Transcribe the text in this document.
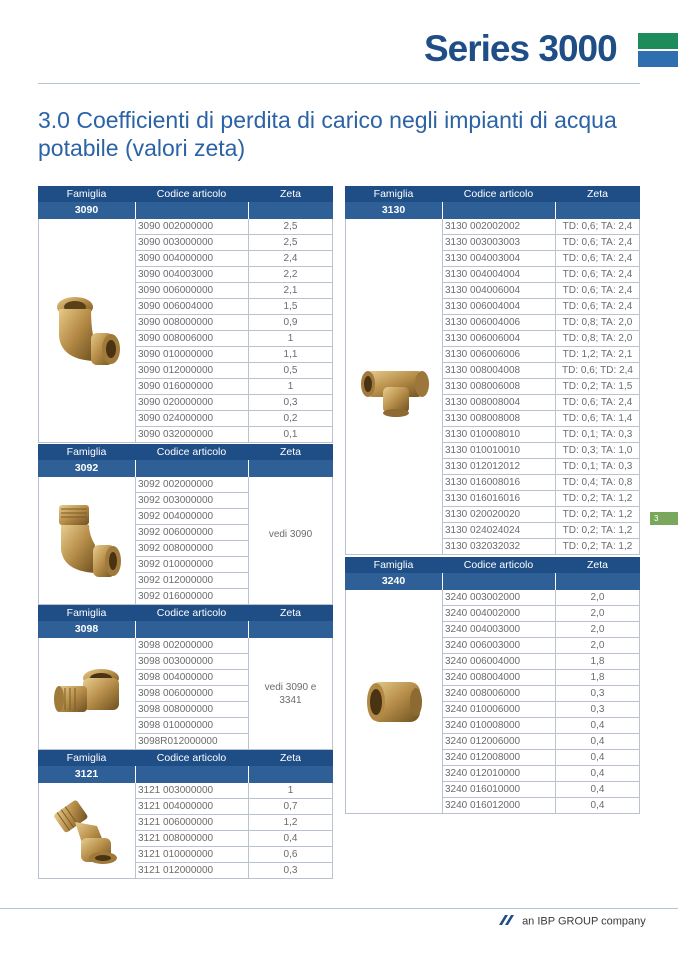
Series 3000
3.0 Coefficienti di perdita di carico negli impianti di acqua potabile (valori zeta)
Famiglia	Codice articolo	Zeta
3090
3090 002000000	2,5
3090 003000000	2,5
3090 004000000	2,4
3090 004003000	2,2
3090 006000000	2,1
3090 006004000	1,5
3090 008000000	0,9
3090 008006000	1
3090 010000000	1,1
3090 012000000	0,5
3090 016000000	1
3090 020000000	0,3
3090 024000000	0,2
3090 032000000	0,1
Famiglia	Codice articolo	Zeta
3092
3092 002000000
3092 003000000
3092 004000000
3092 006000000
3092 008000000
3092 010000000
3092 012000000
3092 016000000
vedi 3090
Famiglia	Codice articolo	Zeta
3098
3098 002000000
3098 003000000
3098 004000000
3098 006000000
3098 008000000
3098 010000000
3098R012000000
vedi 3090 e 3341
Famiglia	Codice articolo	Zeta
3121
3121 003000000	1
3121 004000000	0,7
3121 006000000	1,2
3121 008000000	0,4
3121 010000000	0,6
3121 012000000	0,3
Famiglia	Codice articolo	Zeta
3130
3130 002002002	TD: 0,6; TA: 2,4
3130 003003003	TD: 0,6; TA: 2,4
3130 004003004	TD: 0,6; TA: 2,4
3130 004004004	TD: 0,6; TA: 2,4
3130 004006004	TD: 0,6; TA: 2,4
3130 006004004	TD: 0,6; TA: 2,4
3130 006004006	TD: 0,8; TA: 2,0
3130 006006004	TD: 0,8; TA: 2,0
3130 006006006	TD: 1,2; TA: 2,1
3130 008004008	TD: 0,6; TD: 2,4
3130 008006008	TD: 0,2; TA: 1,5
3130 008008004	TD: 0,6; TA: 2,4
3130 008008008	TD: 0,6; TA: 1,4
3130 010008010	TD: 0,1; TA: 0,3
3130 010010010	TD: 0,3; TA: 1,0
3130 012012012	TD: 0,1; TA: 0,3
3130 016008016	TD: 0,4; TA: 0,8
3130 016016016	TD: 0,2; TA: 1,2
3130 020020020	TD: 0,2; TA: 1,2
3130 024024024	TD: 0,2; TA: 1,2
3130 032032032	TD: 0,2; TA: 1,2
Famiglia	Codice articolo	Zeta
3240
3240 003002000	2,0
3240 004002000	2,0
3240 004003000	2,0
3240 006003000	2,0
3240 006004000	1,8
3240 008004000	1,8
3240 008006000	0,3
3240 010006000	0,3
3240 010008000	0,4
3240 012006000	0,4
3240 012008000	0,4
3240 012010000	0,4
3240 016010000	0,4
3240 016012000	0,4
3
an IBP GROUP company
